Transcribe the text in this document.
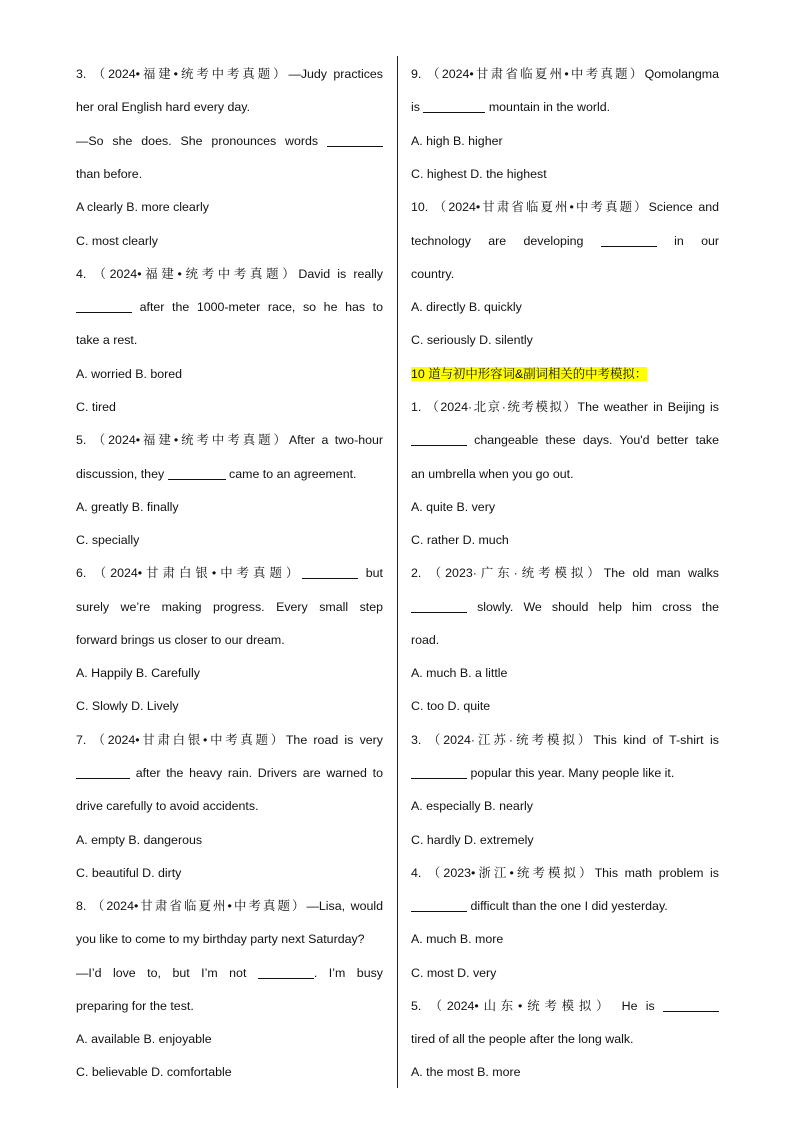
3. （2024•福建•统考中考真题）—Judy practices
her oral English hard every day.
—So she does. She pronounces words
than before.
A clearly B. more clearly
C. most clearly
4. （2024•福建•统考中考真题）David is really
after the 1000-meter race, so he has to
take a rest.
A. worried B. bored
C. tired
5. （2024•福建•统考中考真题）After a two-hour
discussion, they	came to an agreement.
A. greatly B. finally
C. specially
6. （2024•甘肃白银•中考真题）	but
surely we’re making progress. Every small step
forward brings us closer to our dream.
A. Happily B. Carefully
C. Slowly D. Lively
7. （2024•甘肃白银•中考真题）The road is very
after the heavy rain. Drivers are warned to
drive carefully to avoid accidents.
A. empty B. dangerous
C. beautiful D. dirty
8. （2024•甘肃省临夏州•中考真题）—Lisa, would
you like to come to my birthday party next Saturday?
—I’d love to, but I’m not	. I’m busy
preparing for the test.
A. available B. enjoyable
C. believable D. comfortable
9. （2024•甘肃省临夏州•中考真题）Qomolangma
is	mountain in the world.
A. high B. higher
C. highest D. the highest
10. （2024•甘肃省临夏州•中考真题）Science and
technology are developing	in our
country.
A. directly B. quickly
C. seriously D. silently
10 道与初中形容词&副词相关的中考模拟：
1. （2024·北京·统考模拟）The weather in Beijing is
changeable these days. You'd better take
an umbrella when you go out.
A. quite B. very
C. rather D. much
2. （2023·广东·统考模拟）The old man walks
slowly. We should help him cross the
road.
A. much B. a little
C. too D. quite
3. （2024·江苏·统考模拟）This kind of T-shirt is
popular this year. Many people like it.
A. especially B. nearly
C. hardly D. extremely
4. （2023•浙江•统考模拟）This math problem is
difficult than the one I did yesterday.
A. much B. more
C. most D. very
5. （2024•山东•统考模拟） He is
tired of all the people after the long walk.
A. the most B. more
